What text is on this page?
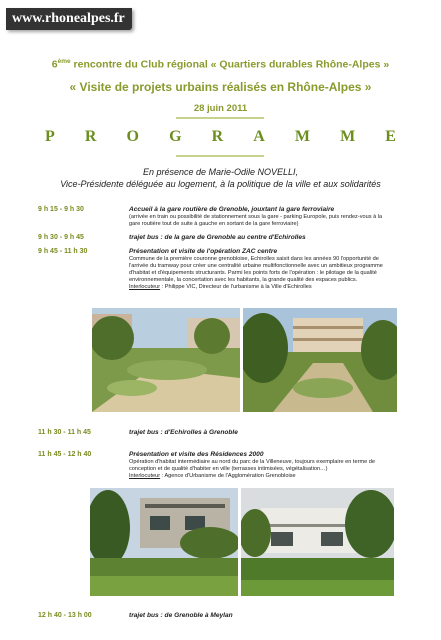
www.rhonealpes.fr
6ème rencontre du Club régional « Quartiers durables Rhône-Alpes »
« Visite de projets urbains réalisés en Rhône-Alpes »
28 juin 2011
P R O G R A M M E
En présence de Marie-Odile NOVELLI,
Vice-Présidente déléguée au logement, à la politique de la ville et aux solidarités
9 h 15 - 9 h 30	Accueil à la gare routière de Grenoble, jouxtant la gare ferroviaire
(arrivée en train ou possibilité de stationnement sous la gare - parking Europole, puis rendez-vous à la gare routière tout de suite à gauche en sortant de la gare ferroviaire)
9 h 30 - 9 h 45	trajet bus : de la gare de Grenoble au centre d'Echirolles
9 h 45 - 11 h 30	Présentation et visite de l'opération ZAC centre
Commune de la première couronne grenobloise, Echirolles saisit dans les années 90 l'opportunité de l'arrivée du tramway pour créer une centralité urbaine multifonctionnelle avec un ambitieux programme d'habitat et d'équipements structurants. Parmi les points forts de l'opération : le pilotage de la qualité environnementale, la concertation avec les habitants, la grande qualité des espaces publics.
Interlocuteur : Philippe VIC, Directeur de l'urbanisme à la Ville d'Echirolles
11 h 30 - 11 h 45	trajet bus : d'Echirolles à Grenoble
11 h 45 - 12 h 40	Présentation et visite des Résidences 2000
Opération d'habitat intermédiaire au nord du parc de la Villeneuve, toujours exemplaire en terme de conception et de qualité d'habiter en ville (terrasses intimisées, végétalisation…)
Interlocuteur : Agence d'Urbanisme de l'Agglomération Grenobloise
12 h 40 - 13 h 00	trajet bus : de Grenoble à Meylan
